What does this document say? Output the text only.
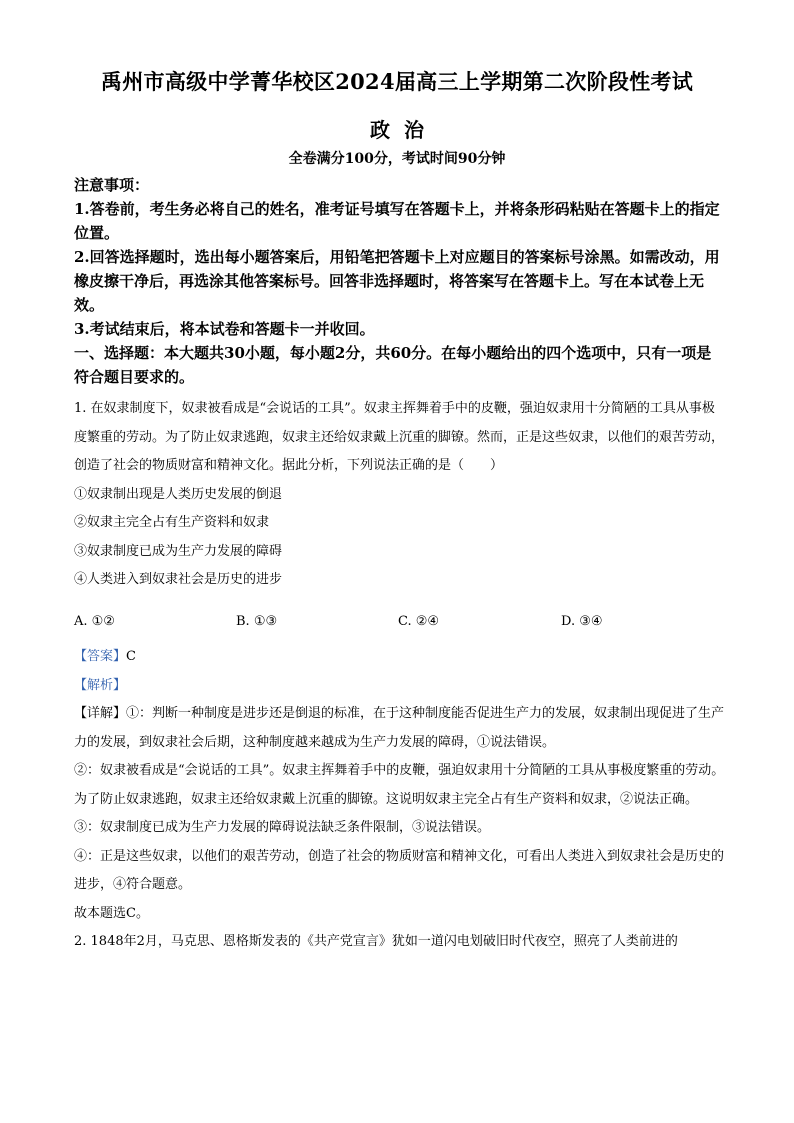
禹州市高级中学菁华校区2024届高三上学期第二次阶段性考试
政治
全卷满分100分，考试时间90分钟

注意事项：

1.答卷前，考生务必将自己的姓名，准考证号填写在答题卡上，并将条形码粘贴在答题卡上的指定位置。

2.回答选择题时，选出每小题答案后，用铅笔把答题卡上对应题目的答案标号涂黑。如需改动，用橡皮擦干净后，再选涂其他答案标号。回答非选择题时，将答案写在答题卡上。写在本试卷上无效。

3.考试结束后，将本试卷和答题卡一并收回。

一、选择题：本大题共30小题，每小题2分，共60分。在每小题给出的四个选项中，只有一项是符合题目要求的。

1. 在奴隶制度下，奴隶被看成是“会说话的工具”。奴隶主挥舞着手中的皮鞭，强迫奴隶用十分简陋的工具从事极度繁重的劳动。为了防止奴隶逃跑，奴隶主还给奴隶戴上沉重的脚镣。然而，正是这些奴隶，以他们的艰苦劳动，创造了社会的物质财富和精神文化。据此分析，下列说法正确的是（　　）

①奴隶制出现是人类历史发展的倒退

②奴隶主完全占有生产资料和奴隶

③奴隶制度已成为生产力发展的障碍

④人类进入到奴隶社会是历史的进步

A. ①②	B. ①③	C. ②④	D. ③④

【答案】C

【解析】

【详解】①：判断一种制度是进步还是倒退的标准，在于这种制度能否促进生产力的发展，奴隶制出现促进了生产力的发展，到奴隶社会后期，这种制度越来越成为生产力发展的障碍，①说法错误。

②：奴隶被看成是“会说话的工具”。奴隶主挥舞着手中的皮鞭，强迫奴隶用十分简陋的工具从事极度繁重的劳动。为了防止奴隶逃跑，奴隶主还给奴隶戴上沉重的脚镣。这说明奴隶主完全占有生产资料和奴隶，②说法正确。

③：奴隶制度已成为生产力发展的障碍说法缺乏条件限制，③说法错误。

④：正是这些奴隶，以他们的艰苦劳动，创造了社会的物质财富和精神文化，可看出人类进入到奴隶社会是历史的进步，④符合题意。

故本题选C。

2. 1848年2月，马克思、恩格斯发表的《共产党宣言》犹如一道闪电划破旧时代夜空，照亮了人类前进的
